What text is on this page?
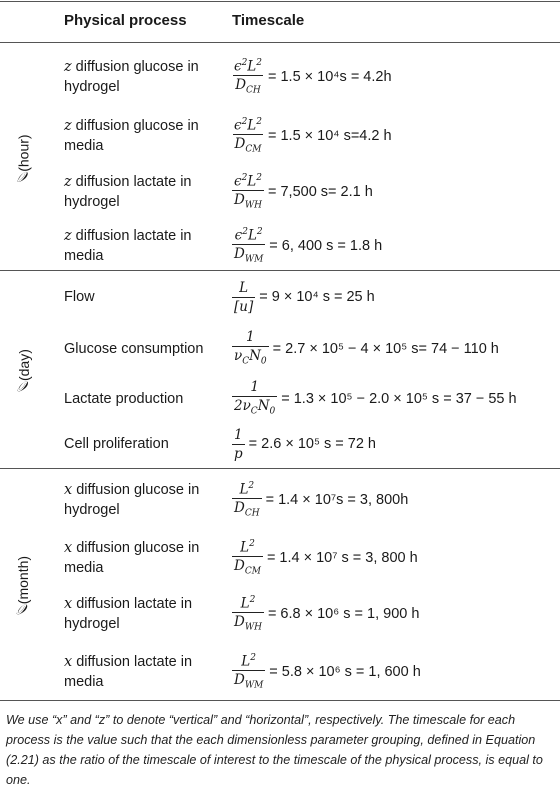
Physical process	Timescale
𝒪(hour)
z diffusion glucose in hydrogel	$\frac{\epsilon^2L^2}{D_{CH}} = 1.5 \times 10^4s = 4.2h$
z diffusion glucose in media	$\frac{\epsilon^2L^2}{D_{CM}} = 1.5 \times 10^4$ s=4.2 h
z diffusion lactate in hydrogel	$\frac{\epsilon^2L^2}{D_{WH}} = 7,500$ s= 2.1 h
z diffusion lactate in media	$\frac{\epsilon^2L^2}{D_{WM}} = 6$, 400 s = 1.8 h
𝒪(day)
Flow	$\frac{L}{[u]} = 9 \times 10^4$ s = 25 h
Glucose consumption	$\frac{1}{\nu_CN_0} = 2.7 \times 10^5 - 4 \times 10^5$ s= 74 − 110 h
Lactate production	$\frac{1}{2\nu_CN_0} = 1.3 \times 10^5 - 2.0 \times 10^5$ s = 37 − 55 h
Cell proliferation	$\frac{1}{p} = 2.6 \times 10^5$ s = 72 h
𝒪(month)
x diffusion glucose in hydrogel	$\frac{L^2}{D_{CH}} = 1.4 \times 10^7s = 3$, 800h
x diffusion glucose in media	$\frac{L^2}{D_{CM}} = 1.4 \times 10^7$ s = 3, 800 h
x diffusion lactate in hydrogel	$\frac{L^2}{D_{WH}} = 6.8 \times 10^6$ s = 1, 900 h
x diffusion lactate in media	$\frac{L^2}{D_{WM}} = 5.8 \times 10^6$ s = 1, 600 h
We use “x” and “z” to denote “vertical” and “horizontal”, respectively. The timescale for each process is the value such that the each dimensionless parameter grouping, defined in Equation (2.21) as the ratio of the timescale of interest to the timescale of the physical process, is equal to one.
